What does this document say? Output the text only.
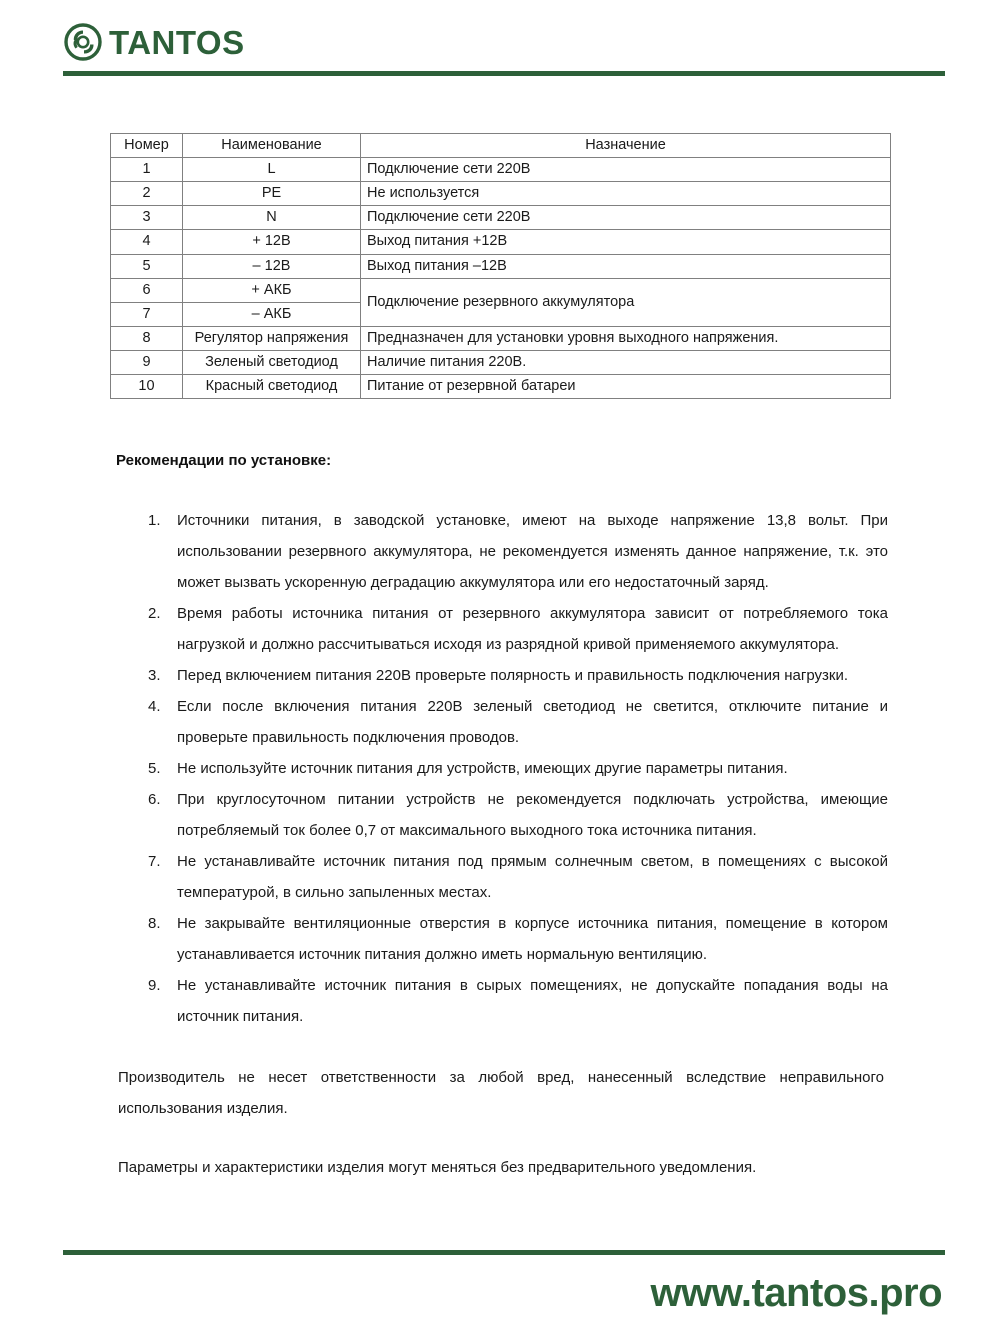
TANTOS
Номер	Наименование	Назначение
1	L	Подключение сети 220В
2	PE	Не используется
3	N	Подключение сети 220В
4	+ 12В	Выход питания +12В
5	– 12В	Выход питания –12В
6	+ АКБ	Подключение резервного аккумулятора
7	– АКБ	
8	Регулятор напряжения	Предназначен для установки уровня выходного напряжения.
9	Зеленый светодиод	Наличие питания 220В.
10	Красный светодиод	Питание от резервной батареи
Рекомендации по установке:
1.	Источники питания, в заводской установке, имеют на выходе напряжение 13,8 вольт. При использовании резервного аккумулятора, не рекомендуется изменять данное напряжение, т.к. это может вызвать ускоренную деградацию аккумулятора или его недостаточный заряд.
2.	Время работы источника питания от резервного аккумулятора зависит от потребляемого тока нагрузкой и должно рассчитываться исходя из разрядной кривой применяемого аккумулятора.
3.	Перед включением питания 220В проверьте полярность и правильность подключения нагрузки.
4.	Если после включения питания 220В зеленый светодиод не светится, отключите питание и проверьте правильность подключения проводов.
5.	Не используйте источник питания для устройств, имеющих другие параметры питания.
6.	При круглосуточном питании устройств не рекомендуется подключать устройства, имеющие потребляемый ток более 0,7 от максимального выходного тока источника питания.
7.	Не устанавливайте источник питания под прямым солнечным светом, в помещениях с высокой температурой, в сильно запыленных местах.
8.	Не закрывайте вентиляционные отверстия в корпусе источника питания, помещение в котором устанавливается источник питания должно иметь нормальную вентиляцию.
9.	Не устанавливайте источник питания в сырых помещениях, не допускайте попадания воды на источник питания.
Производитель не несет ответственности за любой вред, нанесенный вследствие неправильного использования изделия.
Параметры и характеристики изделия могут меняться без предварительного уведомления.
www.tantos.pro
